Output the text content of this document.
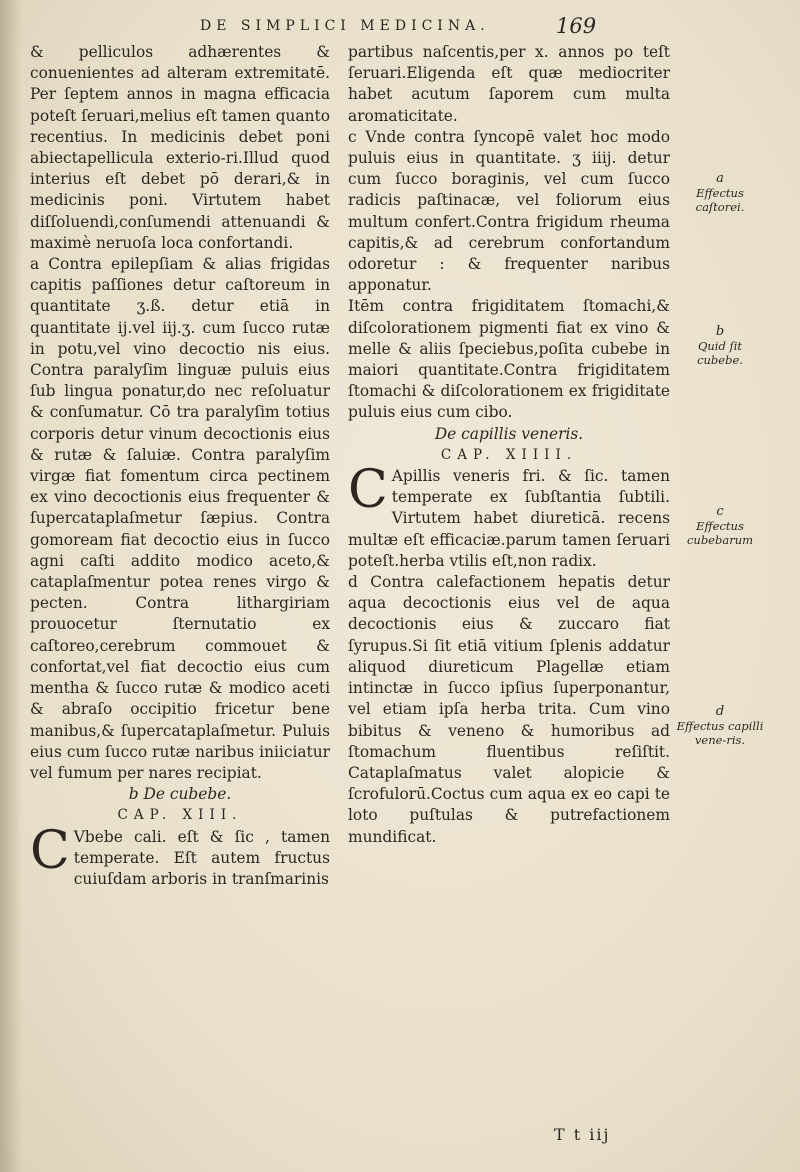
DE SIMPLICI MEDICINA.	169

& pelliculos adhærentes & conuenientes ad alteram extremitatē. Per ſeptem annos in magna efficacia poteſt ſeruari,melius eſt tamen quanto recentius. In medicinis debet poni abiectapellicula exterio-ri.Illud quod interius eſt debet pō derari,& in medicinis poni. Virtutem habet diſſoluendi,conſumendi attenuandi & maximè neruoſa loca confortandi.

a Contra epilepſiam & alias frigidas capitis paſſiones detur caſtoreum in quantitate ʒ.ß. detur etiā in quantitate ij.vel iij.ʒ. cum ſucco rutæ in potu,vel vino decoctio nis eius. Contra paralyſim linguæ puluis eius ſub lingua ponatur,do nec reſoluatur & conſumatur. Cō tra paralyſim totius corporis detur vinum decoctionis eius & rutæ & ſaluiæ. Contra paralyſim virgæ fiat fomentum circa pectinem ex vino decoctionis eius frequenter & ſupercataplaſmetur ſæpius. Contra gomoream fiat decoctio eius in ſucco agni caſti addito modico aceto,& cataplaſmentur potea renes virgo & pecten. Contra lithargiriam prouocetur ſternutatio ex caſtoreo,cerebrum commouet & confortat,vel fiat decoctio eius cum mentha & ſucco rutæ & modico aceti & abraſo occipitio fricetur bene manibus,& ſupercataplaſmetur. Puluis eius cum ſucco rutæ naribus iniiciatur vel fumum per nares recipiat.

b De cubebe.

CAP. XIII.

C Vbebe cali. eſt & ſic , tamen temperate. Eſt autem fructus cuiuſdam arboris in tranſmarinis

partibus naſcentis,per x. annos po teſt ſeruari.Eligenda eſt quæ mediocriter habet acutum ſaporem cum multa aromaticitate.

c Vnde contra ſyncopē valet hoc modo puluis eius in quantitate. ʒ iiij. detur cum ſucco boraginis, vel cum ſucco radicis paſtinacæ, vel foliorum eius multum confert.Contra frigidum rheuma capitis,& ad cerebrum confortandum odoretur : & frequenter naribus apponatur.

Itēm contra frigiditatem ſtomachi,& diſcolorationem pigmenti fiat ex vino & melle & aliis ſpeciebus,poſita cubebe in maiori quantitate.Contra frigiditatem ſtomachi & diſcolorationem ex frigiditate puluis eius cum cibo.

De capillis veneris.

CAP. XIIII.

C Apillis veneris fri. & ſic. tamen temperate ex ſubſtantia ſubtili. Virtutem habet diureticā. recens multæ eſt efficaciæ.parum tamen ſeruari poteſt.herba vtilis eſt,non radix.

d Contra calefactionem hepatis detur aqua decoctionis eius vel de aqua decoctionis eius & zuccaro fiat ſyrupus.Si ſit etiā vitium ſplenis addatur aliquod diureticum Plagellæ etiam intinctæ in ſucco ipſius ſuperponantur, vel etiam ipſa herba trita. Cum vino bibitus & veneno & humoribus ad ſtomachum fluentibus reſiſtit. Cataplaſmatus valet alopicie & ſcrofulorū.Coctus cum aqua ex eo capi te loto puſtulas & putrefactionem mundificat.

a
Effectus caſtorei.
b
Quid ſit cubebe.
c
Effectus cubebarum
d
Effectus capilli vene-ris.
T t iij
